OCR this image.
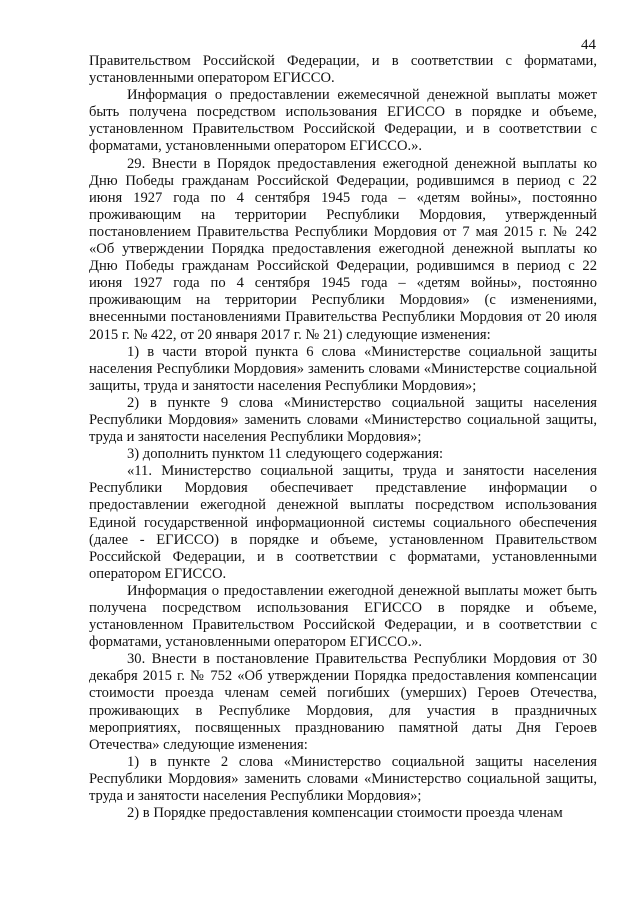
44

Правительством Российской Федерации, и в соответствии с форматами, установленными оператором ЕГИССО.

Информация о предоставлении ежемесячной денежной выплаты может быть получена посредством использования ЕГИССО в порядке и объеме, установленном Правительством Российской Федерации, и в соответствии с форматами, установленными оператором ЕГИССО.».

29. Внести в Порядок предоставления ежегодной денежной выплаты ко Дню Победы гражданам Российской Федерации, родившимся в период с 22 июня 1927 года по 4 сентября 1945 года – «детям войны», постоянно проживающим на территории Республики Мордовия, утвержденный постановлением Правительства Республики Мордовия от 7 мая 2015 г. № 242 «Об утверждении Порядка предоставления ежегодной денежной выплаты ко Дню Победы гражданам Российской Федерации, родившимся в период с 22 июня 1927 года по 4 сентября 1945 года – «детям войны», постоянно проживающим на территории Республики Мордовия» (с изменениями, внесенными постановлениями Правительства Республики Мордовия от 20 июля 2015 г. № 422, от 20 января 2017 г. № 21) следующие изменения:

1) в части второй пункта 6 слова «Министерстве социальной защиты населения Республики Мордовия» заменить словами «Министерстве социальной защиты, труда и занятости населения Республики Мордовия»;

2) в пункте 9 слова «Министерство социальной защиты населения Республики Мордовия» заменить словами «Министерство социальной защиты, труда и занятости населения Республики Мордовия»;

3) дополнить пунктом 11 следующего содержания:

«11. Министерство социальной защиты, труда и занятости населения Республики Мордовия обеспечивает представление информации о предоставлении ежегодной денежной выплаты посредством использования Единой государственной информационной системы социального обеспечения (далее - ЕГИССО) в порядке и объеме, установленном Правительством Российской Федерации, и в соответствии с форматами, установленными оператором ЕГИССО.

Информация о предоставлении ежегодной денежной выплаты может быть получена посредством использования ЕГИССО в порядке и объеме, установленном Правительством Российской Федерации, и в соответствии с форматами, установленными оператором ЕГИССО.».

30. Внести в постановление Правительства Республики Мордовия от 30 декабря 2015 г. № 752 «Об утверждении Порядка предоставления компенсации стоимости проезда членам семей погибших (умерших) Героев Отечества, проживающих в Республике Мордовия, для участия в праздничных мероприятиях, посвященных празднованию памятной даты Дня Героев Отечества» следующие изменения:

1) в пункте 2 слова «Министерство социальной защиты населения Республики Мордовия» заменить словами «Министерство социальной защиты, труда и занятости населения Республики Мордовия»;

2) в Порядке предоставления компенсации стоимости проезда членам
